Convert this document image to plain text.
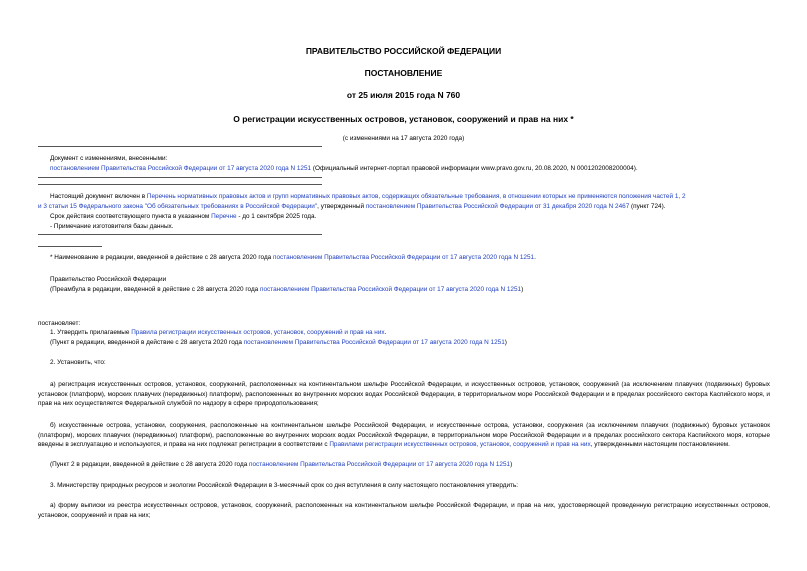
ПРАВИТЕЛЬСТВО РОССИЙСКОЙ ФЕДЕРАЦИИ

ПОСТАНОВЛЕНИЕ

от 25 июля 2015 года N 760

О регистрации искусственных островов, установок, сооружений и прав на них *

(с изменениями на 17 августа 2020 года)

Документ с изменениями, внесенными:

постановлением Правительства Российской Федерации от 17 августа 2020 года N 1251 (Официальный интернет-портал правовой информации www.pravo.gov.ru, 20.08.2020, N 0001202008200004).

Настоящий документ включен в Перечень нормативных правовых актов и групп нормативных правовых актов, содержащих обязательные требования, в отношении которых не применяются положения частей 1, 2

и 3 статьи 15 Федерального закона "Об обязательных требованиях в Российской Федерации", утвержденный постановлением Правительства Российской Федерации от 31 декабря 2020 года N 2467 (пункт 724).

Срок действия соответствующего пункта в указанном Перечне - до 1 сентября 2025 года.

- Примечание изготовителя базы данных.

* Наименование в редакции, введенной в действие с 28 августа 2020 года постановлением Правительства Российской Федерации от 17 августа 2020 года N 1251.

Правительство Российской Федерации

(Преамбула в редакции, введенной в действие с 28 августа 2020 года постановлением Правительства Российской Федерации от 17 августа 2020 года N 1251)

постановляет:

1. Утвердить прилагаемые Правила регистрации искусственных островов, установок, сооружений и прав на них.

(Пункт в редакции, введенной в действие с 28 августа 2020 года постановлением Правительства Российской Федерации от 17 августа 2020 года N 1251)

2. Установить, что:

а) регистрация искусственных островов, установок, сооружений, расположенных на континентальном шельфе Российской Федерации, и искусственных островов, установок, сооружений (за исключением плавучих (подвижных) буровых установок (платформ), морских плавучих (передвижных) платформ), расположенных во внутренних морских водах Российской Федерации, в территориальном море Российской Федерации и в пределах российского сектора Каспийского моря, и прав на них осуществляется Федеральной службой по надзору в сфере природопользования;

б) искусственные острова, установки, сооружения, расположенные на континентальном шельфе Российской Федерации, и искусственные острова, установки, сооружения (за исключением плавучих (подвижных) буровых установок (платформ), морских плавучих (передвижных) платформ), расположенные во внутренних морских водах Российской Федерации, в территориальном море Российской Федерации и в пределах российского сектора Каспийского моря, которые введены в эксплуатацию и используются, и права на них подлежат регистрации в соответствии с Правилами регистрации искусственных островов, установок, сооружений и прав на них, утвержденными настоящим постановлением.

(Пункт 2 в редакции, введенной в действие с 28 августа 2020 года постановлением Правительства Российской Федерации от 17 августа 2020 года N 1251)

3. Министерству природных ресурсов и экологии Российской Федерации в 3-месячный срок со дня вступления в силу настоящего постановления утвердить:

а) форму выписки из реестра искусственных островов, установок, сооружений, расположенных на континентальном шельфе Российской Федерации, и прав на них, удостоверяющей проведенную регистрацию искусственных островов, установок, сооружений и прав на них;
